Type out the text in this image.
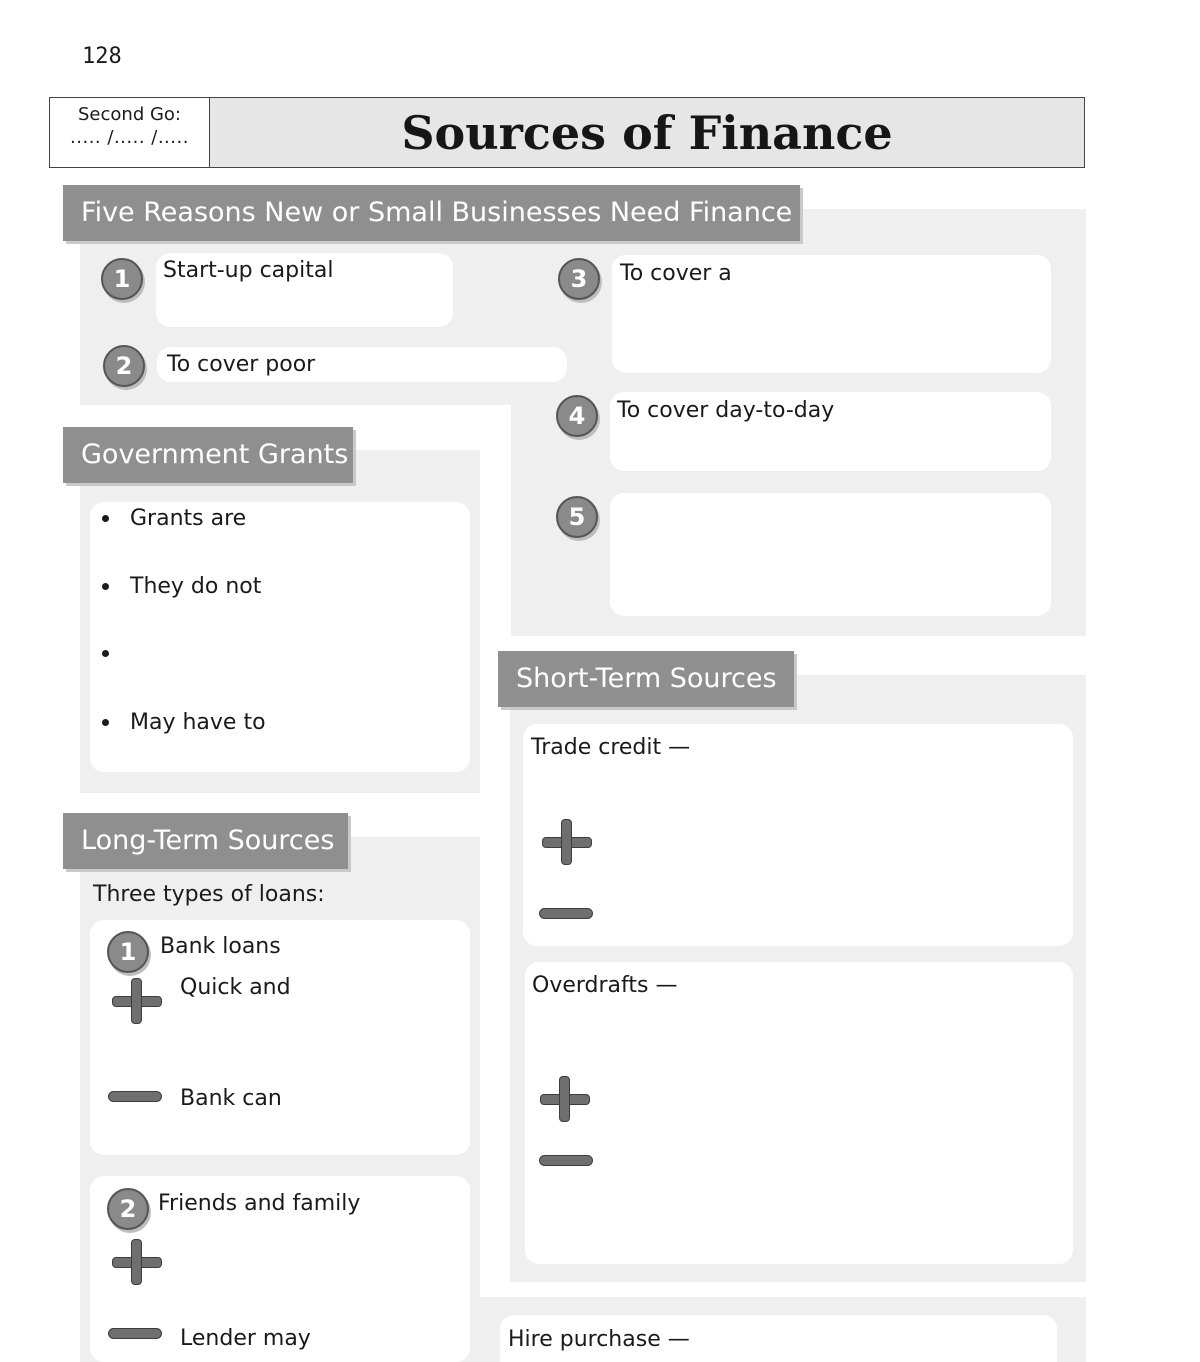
128
Second Go:
..... /..... /.....	Sources of Finance
Five Reasons New or Small Businesses Need Finance
1	Start-up capital
2	To cover poor
3	To cover a
4	To cover day-to-day
5
Government Grants
Grants are
They do not
May have to
Long-Term Sources
Three types of loans:
1	Bank loans
Quick and
Bank can
2 Friends and family
Lender may
Short-Term Sources
Trade credit —
Overdrafts —
Hire purchase —
